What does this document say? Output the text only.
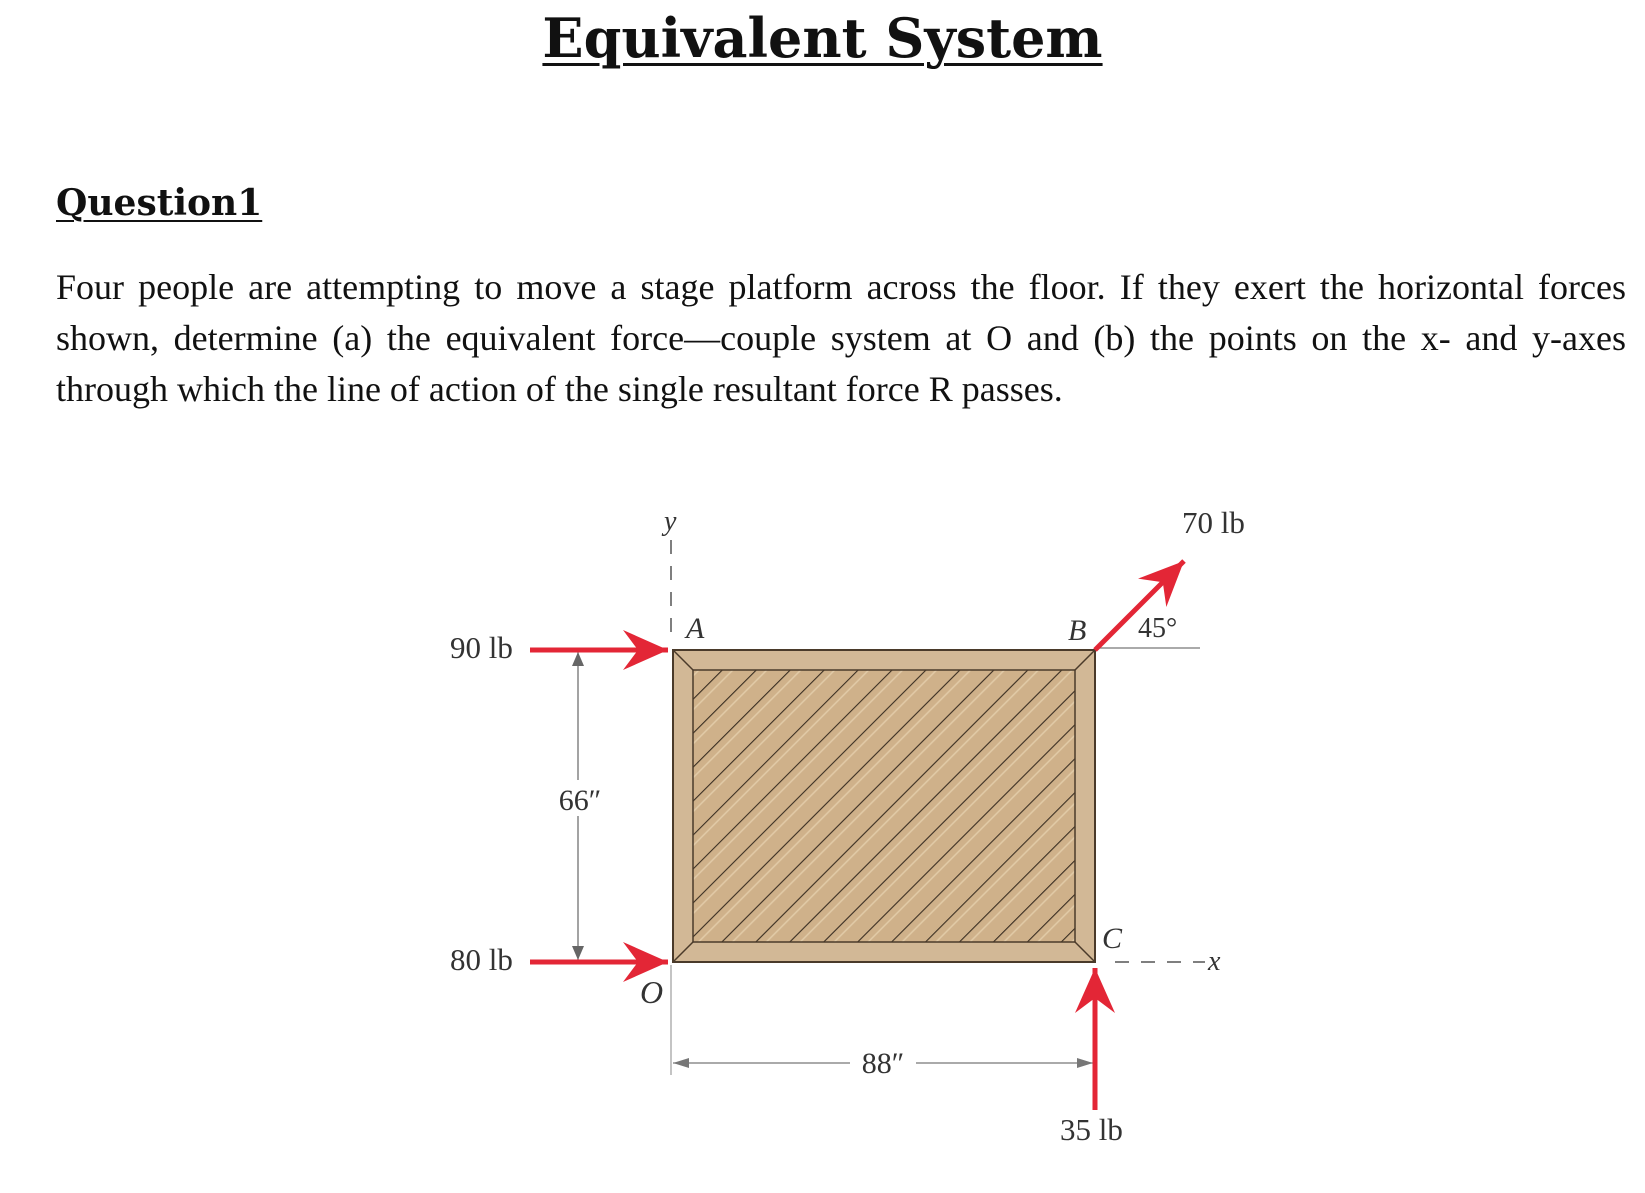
Equivalent System
Question1

Four people are attempting to move a stage platform across the floor. If they exert the horizontal forces shown, determine (a) the equivalent force—couple system at O and (b) the points on the x- and y-axes through which the line of action of the single resultant force R passes.

66″
88″
90 lb
80 lb
70 lb
35 lb
45°
A	B
C
O
x
y
